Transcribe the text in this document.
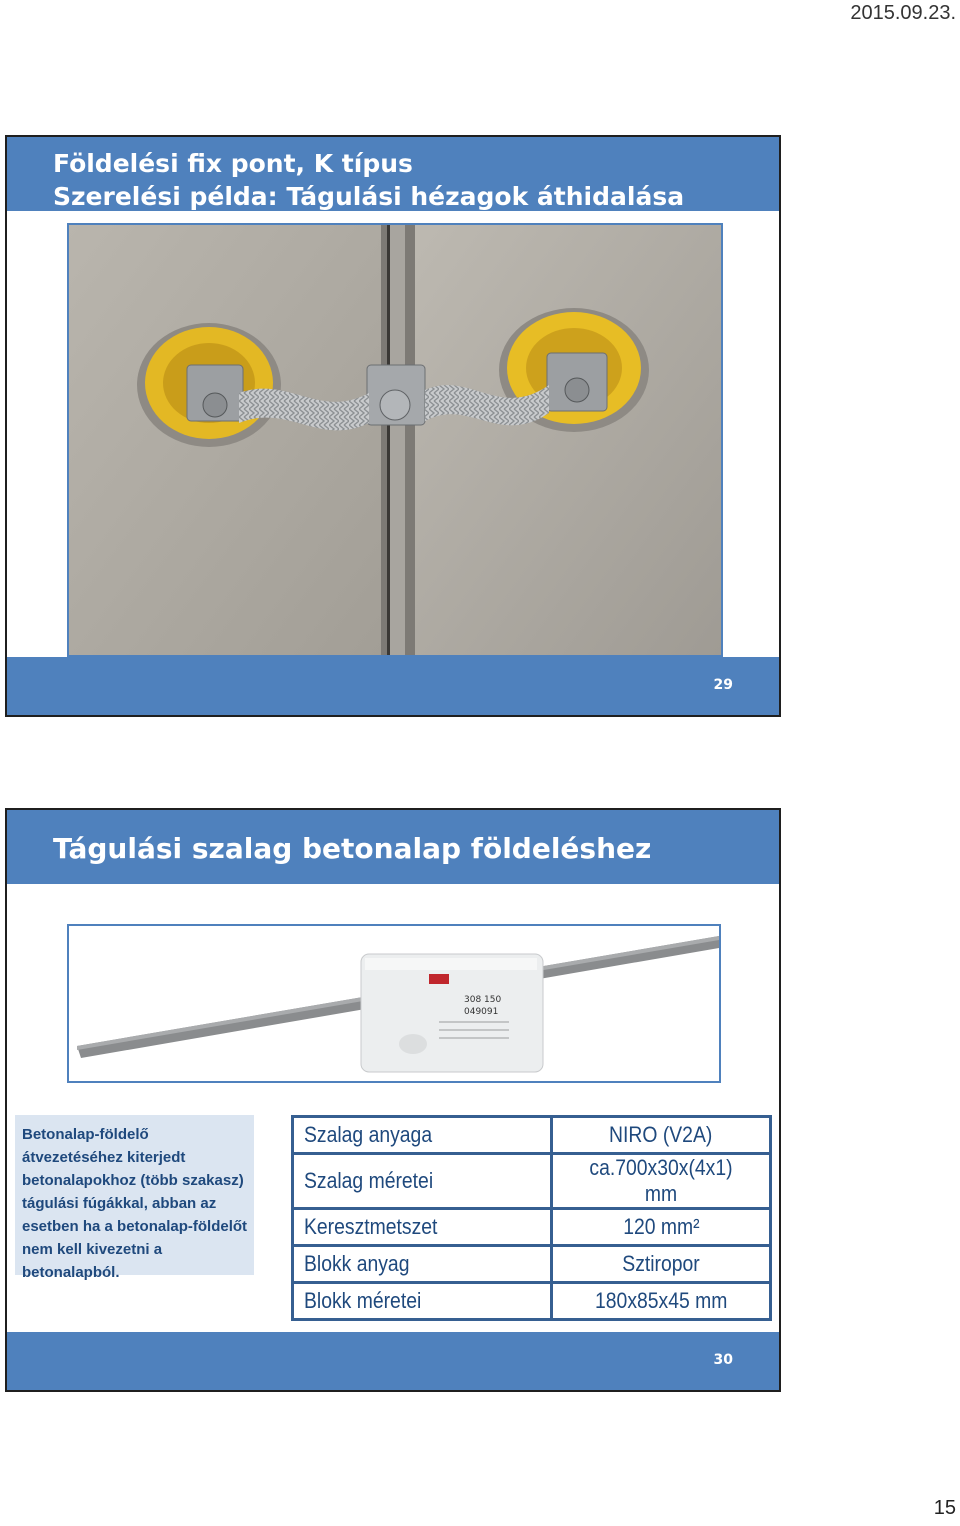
2015.09.23.
Földelési fix pont, K típus
Szerelési példa: Tágulási hézagok áthidalása
29
Tágulási szalag betonalap földeléshez
308 150
049091
Betonalap-földelő átvezetéséhez kiterjedt betonalapokhoz (több szakasz) tágulási fúgákkal, abban az esetben ha a betonalap-földelőt nem kell kivezetni a betonalapból.
Szalag anyaga	NIRO (V2A)
Szalag méretei	ca.700x30x(4x1) mm
Keresztmetszet	120 mm²
Blokk anyag	Sztiropor
Blokk méretei	180x85x45 mm
30
15
